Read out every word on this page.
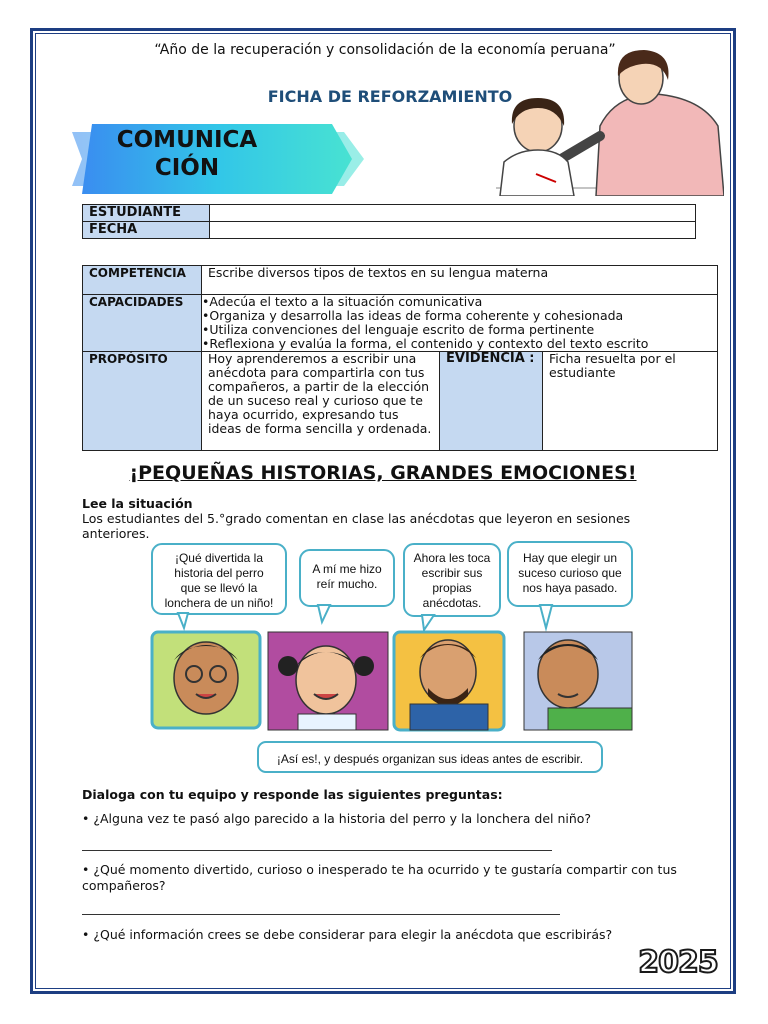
“Año de la recuperación y consolidación de la economía peruana”
FICHA DE REFORZAMIENTO
COMUNICA
CIÓN
ESTUDIANTE	
FECHA	
COMPETENCIA	Escribe diversos tipos de textos en su lengua materna		
CAPACIDADES	•Adecúa el texto a la situación comunicativa
•Organiza y desarrolla las ideas de forma coherente y cohesionada
•Utiliza convenciones del lenguaje escrito de forma pertinente
•Reflexiona y evalúa la forma, el contenido y contexto del texto escrito		

PROPÓSITO	Hoy aprenderemos a escribir una anécdota para compartirla con tus compañeros, a partir de la elección de un suceso real y curioso que te haya ocurrido, expresando tus ideas de forma sencilla y ordenada.	EVIDENCIA :	Ficha resuelta por el estudiante
¡PEQUEÑAS HISTORIAS, GRANDES EMOCIONES!
Lee la situación
Los estudiantes del 5.°grado comentan en clase las anécdotas que leyeron en sesiones anteriores.
¡Qué divertida la
historia del perro
que se llevó la
lonchera de un niño!
A mí me hizo
reír mucho.
Ahora les toca
escribir sus
propias
anécdotas.
Hay que elegir un
suceso curioso que
nos haya pasado.
¡Así es!, y después organizan sus ideas antes de escribir.
Dialoga con tu equipo y responde las siguientes preguntas:
• ¿Alguna vez te pasó algo parecido a la historia del perro y la lonchera del niño?
• ¿Qué momento divertido, curioso o inesperado te ha ocurrido y te gustaría compartir con tus compañeros?
• ¿Qué información crees se debe considerar para elegir la anécdota que escribirás?
2025
